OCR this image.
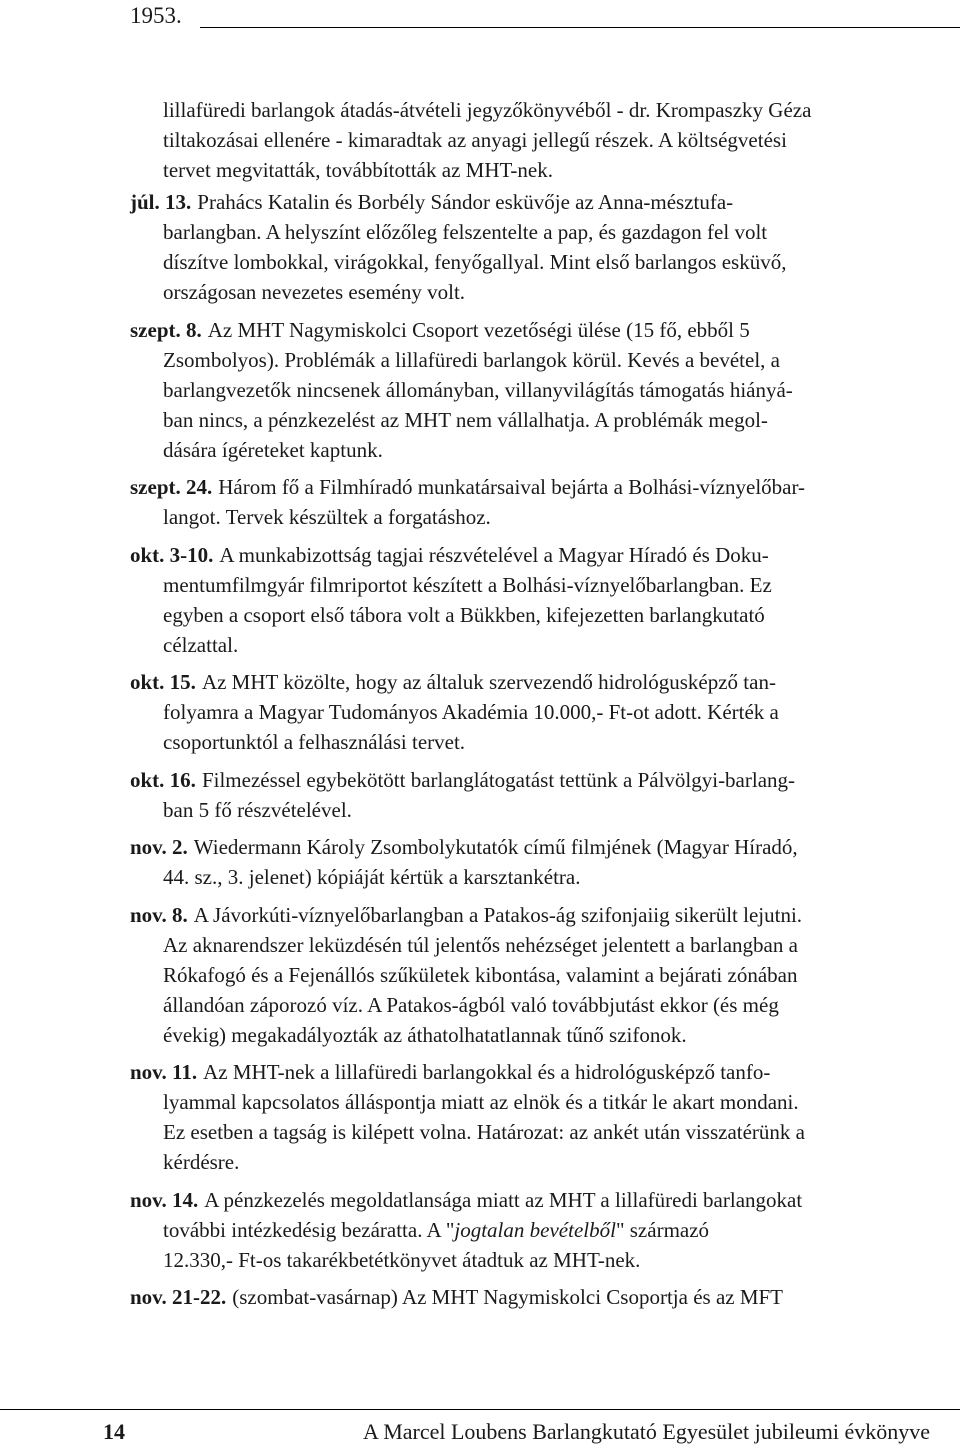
1953.
lillafüredi barlangok átadás-átvételi jegyzőkönyvéből - dr. Krompaszky Géza
tiltakozásai ellenére - kimaradtak az anyagi jellegű részek. A költségvetési
tervet megvitatták, továbbították az MHT-nek.
júl. 13. Prahács Katalin és Borbély Sándor esküvője az Anna-mésztufa-
barlangban. A helyszínt előzőleg felszentelte a pap, és gazdagon fel volt
díszítve lombokkal, virágokkal, fenyőgallyal. Mint első barlangos esküvő,
országosan nevezetes esemény volt.
szept. 8. Az MHT Nagymiskolci Csoport vezetőségi ülése (15 fő, ebből 5
Zsombolyos). Problémák a lillafüredi barlangok körül. Kevés a bevétel, a
barlangvezetők nincsenek állományban, villanyvilágítás támogatás hiányá-
ban nincs, a pénzkezelést az MHT nem vállalhatja. A problémák megol-
dására ígéreteket kaptunk.
szept. 24. Három fő a Filmhíradó munkatársaival bejárta a Bolhási-víznyelőbar-
langot. Tervek készültek a forgatáshoz.
okt. 3-10. A munkabizottság tagjai részvételével a Magyar Híradó és Doku-
mentumfilmgyár filmriportot készített a Bolhási-víznyelőbarlangban. Ez
egyben a csoport első tábora volt a Bükkben, kifejezetten barlangkutató
célzattal.
okt. 15. Az MHT közölte, hogy az általuk szervezendő hidrológusképző tan-
folyamra a Magyar Tudományos Akadémia 10.000,- Ft-ot adott. Kérték a
csoportunktól a felhasználási tervet.
okt. 16. Filmezéssel egybekötött barlanglátogatást tettünk a Pálvölgyi-barlang-
ban 5 fő részvételével.
nov. 2. Wiedermann Károly Zsombolykutatók című filmjének (Magyar Híradó,
44. sz., 3. jelenet) kópiáját kértük a karsztankétra.
nov. 8. A Jávorkúti-víznyelőbarlangban a Patakos-ág szifonjaiig sikerült lejutni.
Az aknarendszer leküzdésén túl jelentős nehézséget jelentett a barlangban a
Rókafogó és a Fejenállós szűkületek kibontása, valamint a bejárati zónában
állandóan záporozó víz. A Patakos-ágból való továbbjutást ekkor (és még
évekig) megakadályozták az áthatolhatatlannak tűnő szifonok.
nov. 11. Az MHT-nek a lillafüredi barlangokkal és a hidrológusképző tanfo-
lyammal kapcsolatos álláspontja miatt az elnök és a titkár le akart mondani.
Ez esetben a tagság is kilépett volna. Határozat: az ankét után visszatérünk a
kérdésre.
nov. 14. A pénzkezelés megoldatlansága miatt az MHT a lillafüredi barlangokat
további intézkedésig bezáratta. A "jogtalan bevételből" származó
12.330,- Ft-os takarékbetétkönyvet átadtuk az MHT-nek.
nov. 21-22. (szombat-vasárnap) Az MHT Nagymiskolci Csoportja és az MFT
14	A Marcel Loubens Barlangkutató Egyesület jubileumi évkönyve
